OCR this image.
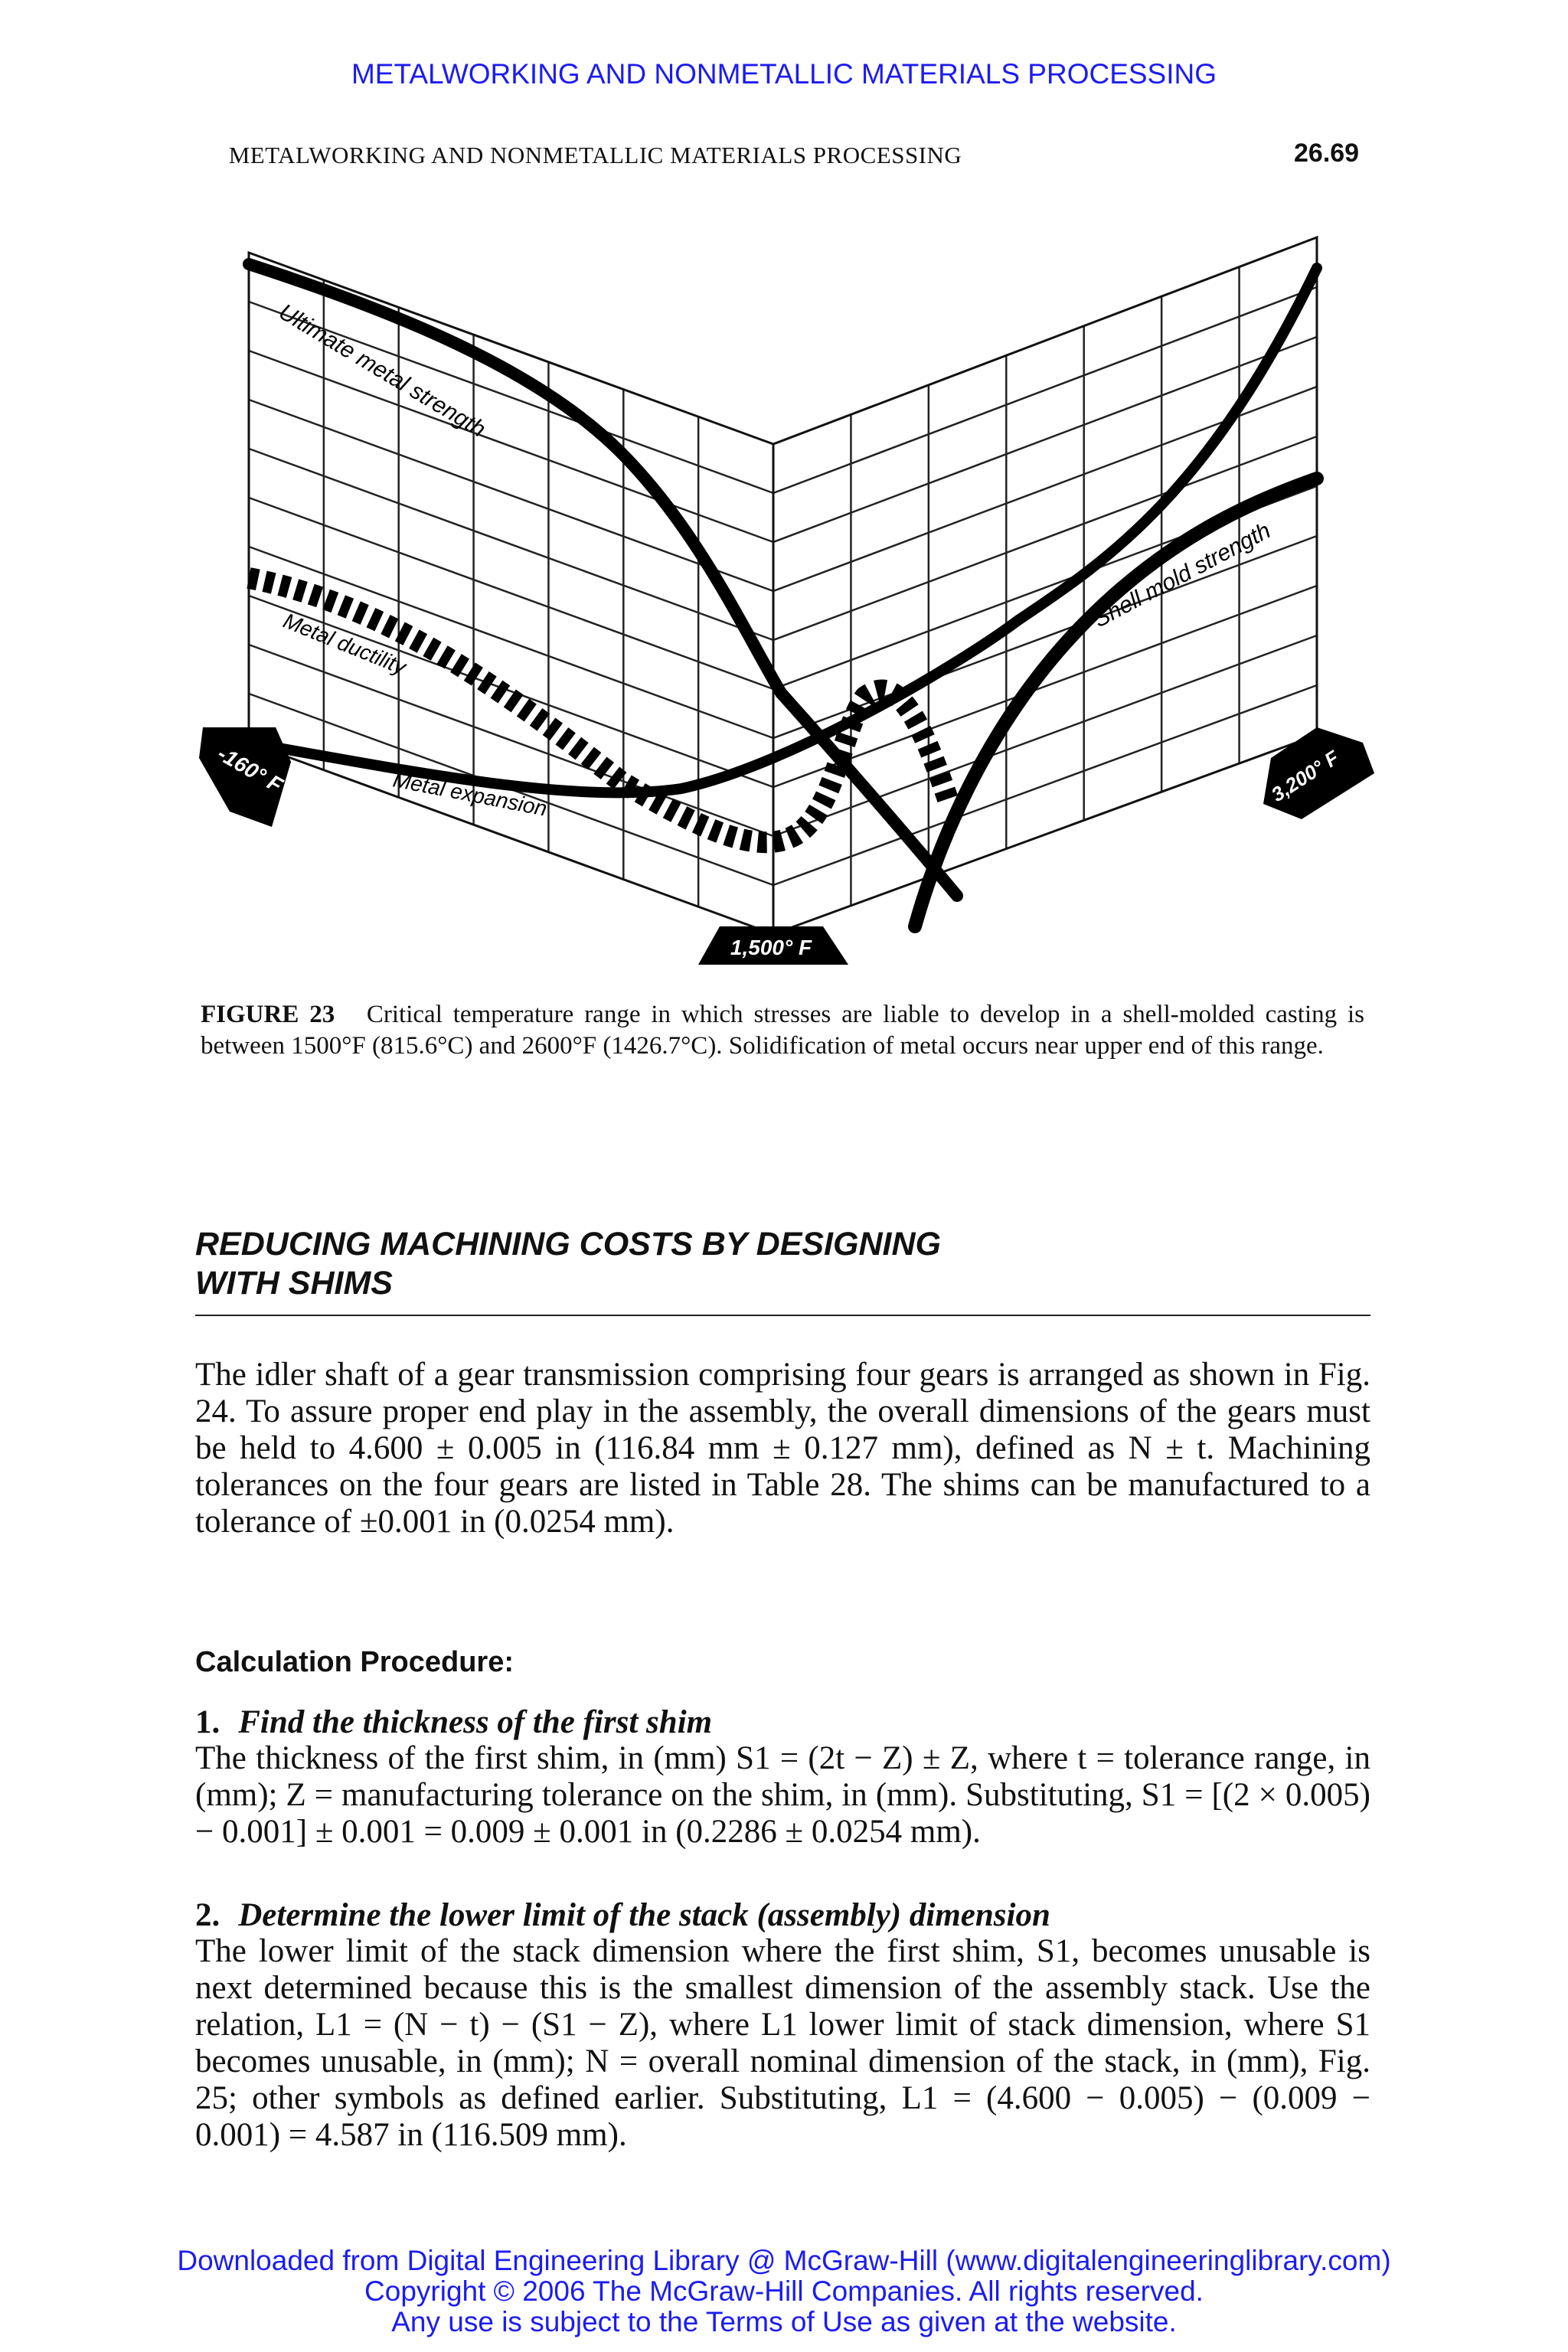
METALWORKING AND NONMETALLIC MATERIALS PROCESSING
METALWORKING AND NONMETALLIC MATERIALS PROCESSING	26.69
Ultimate metal strength
Metal ductility
Metal expansion
Shell mold strength
-160° F
1,500° F
3,200° F
FIGURE 23 Critical temperature range in which stresses are liable to develop in a shell-molded casting is between 1500°F (815.6°C) and 2600°F (1426.7°C). Solidification of metal occurs near upper end of this range.
REDUCING MACHINING COSTS BY DESIGNING
WITH SHIMS
The idler shaft of a gear transmission comprising four gears is arranged as shown in Fig. 24. To assure proper end play in the assembly, the overall dimensions of the gears must be held to 4.600 ± 0.005 in (116.84 mm ± 0.127 mm), defined as N ± t. Machining tolerances on the four gears are listed in Table 28. The shims can be manufactured to a tolerance of ±0.001 in (0.0254 mm).
Calculation Procedure:
1. Find the thickness of the first shim
The thickness of the first shim, in (mm) S1 = (2t − Z) ± Z, where t = tolerance range, in (mm); Z = manufacturing tolerance on the shim, in (mm). Substituting, S1 = [(2 × 0.005) − 0.001] ± 0.001 = 0.009 ± 0.001 in (0.2286 ± 0.0254 mm).
2. Determine the lower limit of the stack (assembly) dimension
The lower limit of the stack dimension where the first shim, S1, becomes unusable is next determined because this is the smallest dimension of the assembly stack. Use the relation, L1 = (N − t) − (S1 − Z), where L1 lower limit of stack dimension, where S1 becomes unusable, in (mm); N = overall nominal dimension of the stack, in (mm), Fig. 25; other symbols as defined earlier. Substituting, L1 = (4.600 − 0.005) − (0.009 − 0.001) = 4.587 in (116.509 mm).
Downloaded from Digital Engineering Library @ McGraw-Hill (www.digitalengineeringlibrary.com)
Copyright © 2006 The McGraw-Hill Companies. All rights reserved.
Any use is subject to the Terms of Use as given at the website.
